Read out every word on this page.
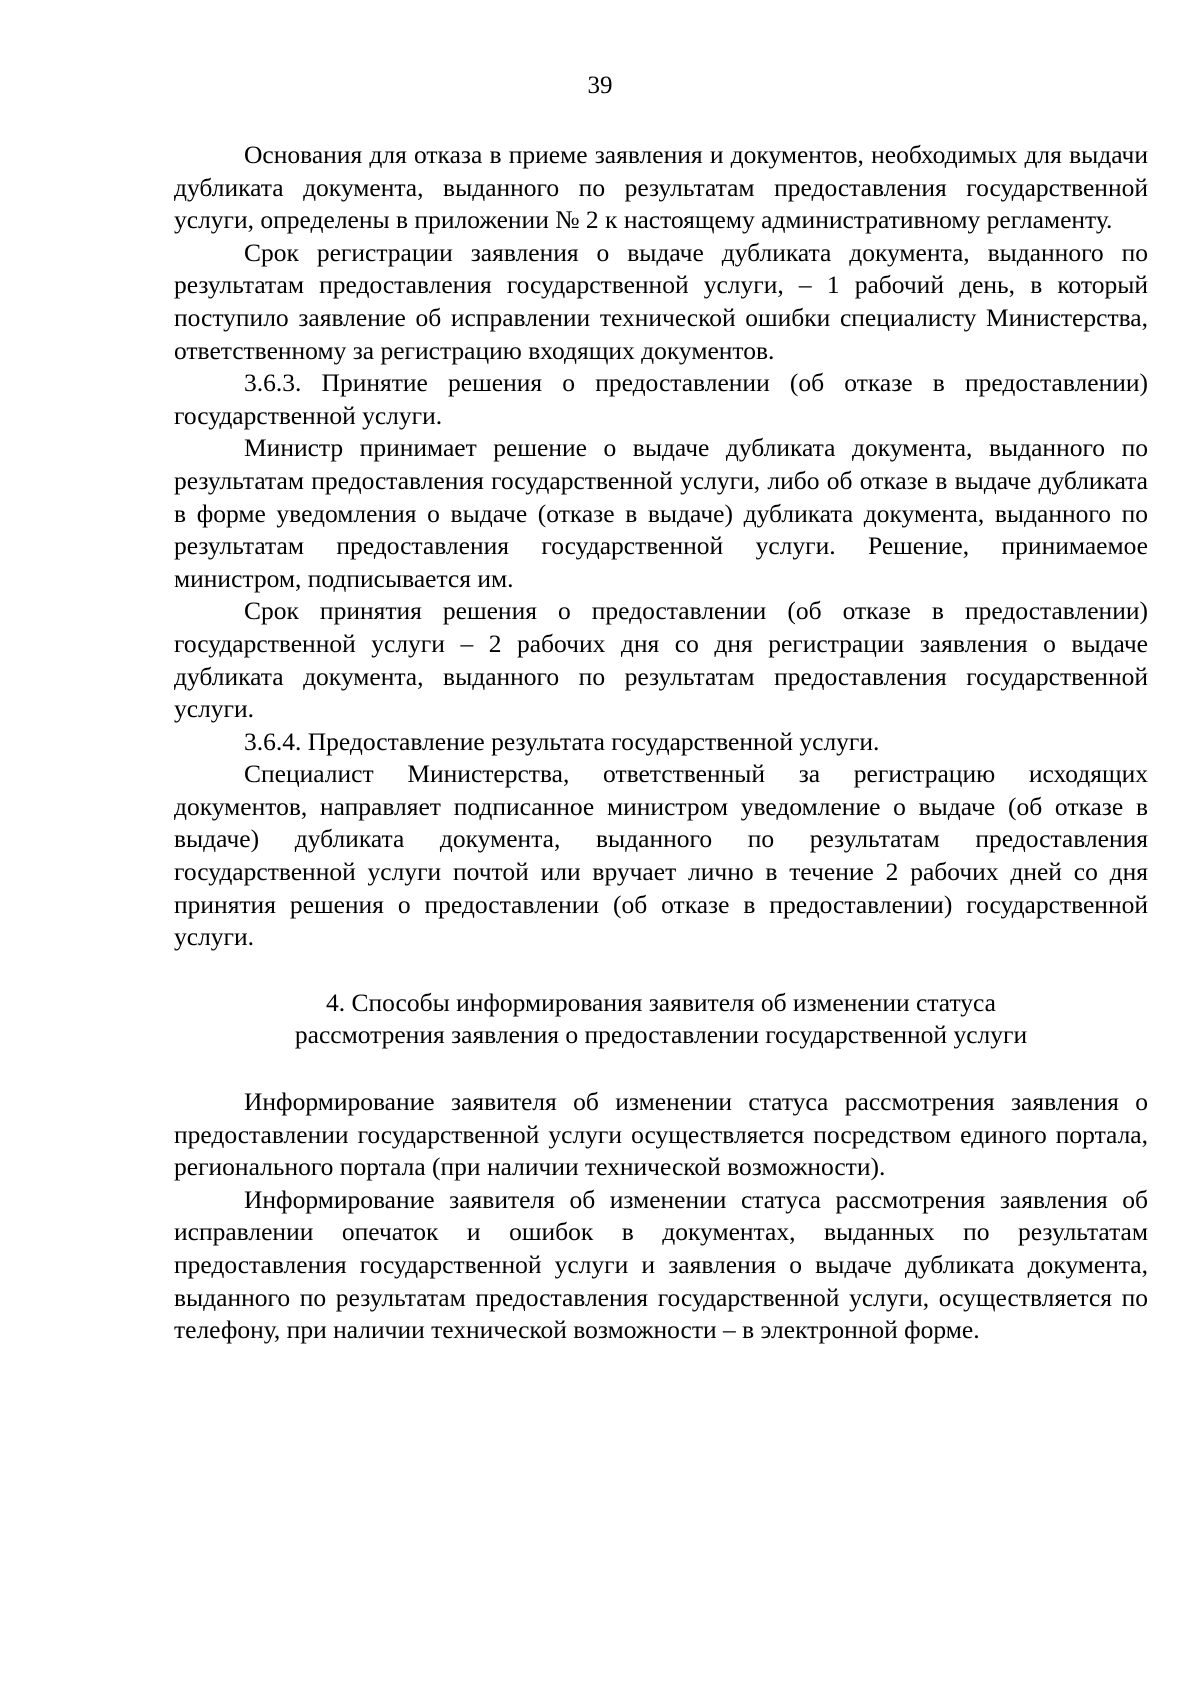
39

Основания для отказа в приеме заявления и документов, необходимых для выдачи дубликата документа, выданного по результатам предоставления государственной услуги, определены в приложении № 2 к настоящему административному регламенту.

Срок регистрации заявления о выдаче дубликата документа, выданного по результатам предоставления государственной услуги, – 1 рабочий день, в который поступило заявление об исправлении технической ошибки специалисту Министерства, ответственному за регистрацию входящих документов.

3.6.3. Принятие решения о предоставлении (об отказе в предоставлении) государственной услуги.

Министр принимает решение о выдаче дубликата документа, выданного по результатам предоставления государственной услуги, либо об отказе в выдаче дубликата в форме уведомления о выдаче (отказе в выдаче) дубликата документа, выданного по результатам предоставления государственной услуги. Решение, принимаемое министром, подписывается им.

Срок принятия решения о предоставлении (об отказе в предоставлении) государственной услуги – 2 рабочих дня со дня регистрации заявления о выдаче дубликата документа, выданного по результатам предоставления государственной услуги.

3.6.4. Предоставление результата государственной услуги.

Специалист Министерства, ответственный за регистрацию исходящих документов, направляет подписанное министром уведомление о выдаче (об отказе в выдаче) дубликата документа, выданного по результатам предоставления государственной услуги почтой или вручает лично в течение 2 рабочих дней со дня принятия решения о предоставлении (об отказе в предоставлении) государственной услуги.

4. Способы информирования заявителя об изменении статуса
рассмотрения заявления о предоставлении государственной услуги

Информирование заявителя об изменении статуса рассмотрения заявления о предоставлении государственной услуги осуществляется посредством единого портала, регионального портала (при наличии технической возможности).

Информирование заявителя об изменении статуса рассмотрения заявления об исправлении опечаток и ошибок в документах, выданных по результатам предоставления государственной услуги и заявления о выдаче дубликата документа, выданного по результатам предоставления государственной услуги, осуществляется по телефону, при наличии технической возможности – в электронной форме.
